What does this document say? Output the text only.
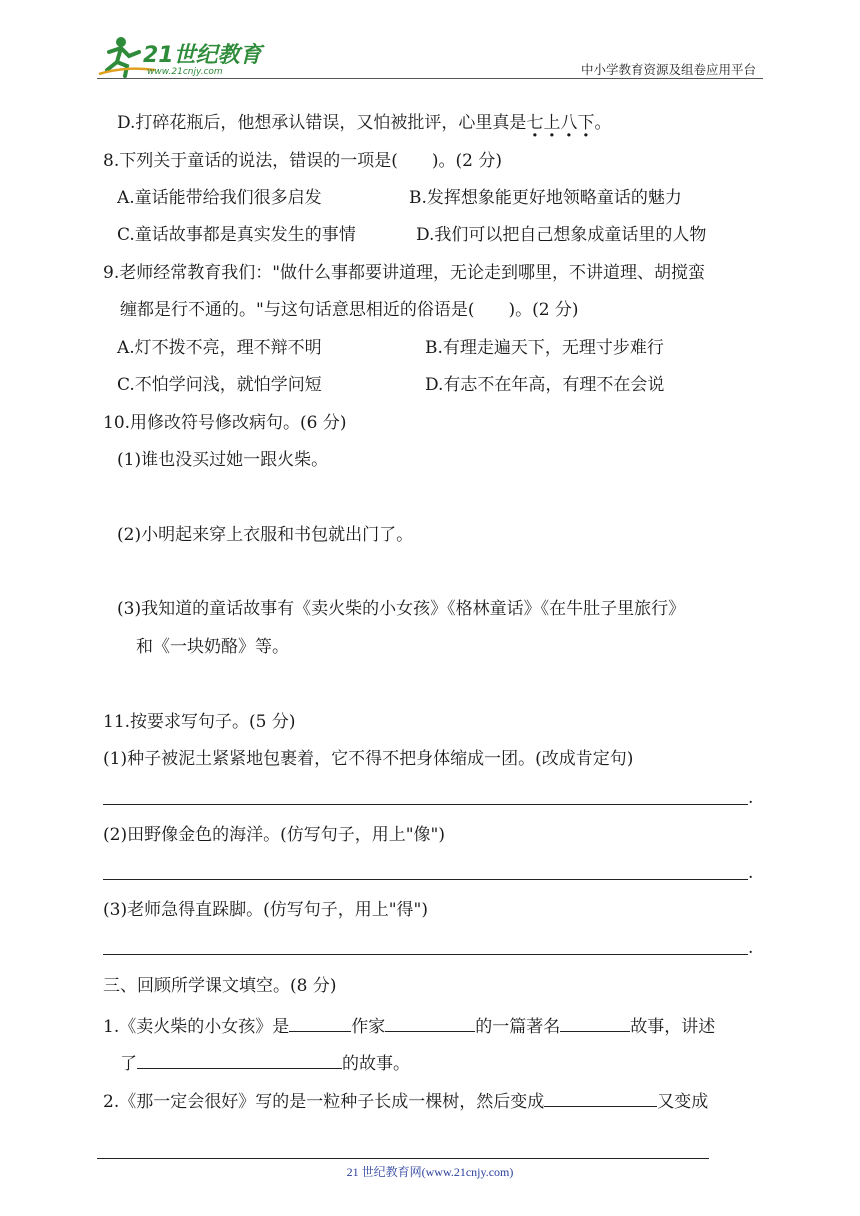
21世纪教育
www.21cnjy.com	中小学教育资源及组卷应用平台
D.打碎花瓶后，他想承认错误，又怕被批评，心里真是七上八下。
8.下列关于童话的说法，错误的一项是(　　)。(2 分)
A.童话能带给我们很多启发	B.发挥想象能更好地领略童话的魅力
C.童话故事都是真实发生的事情	D.我们可以把自己想象成童话里的人物
9.老师经常教育我们："做什么事都要讲道理，无论走到哪里，不讲道理、胡搅蛮
缠都是行不通的。"与这句话意思相近的俗语是(　　)。(2 分)
A.灯不拨不亮，理不辩不明	B.有理走遍天下，无理寸步难行
C.不怕学问浅，就怕学问短	D.有志不在年高，有理不在会说
10.用修改符号修改病句。(6 分)
(1)谁也没买过她一跟火柴。
(2)小明起来穿上衣服和书包就出门了。
(3)我知道的童话故事有《卖火柴的小女孩》《格林童话》《在牛肚子里旅行》
和《一块奶酪》等。
11.按要求写句子。(5 分)
(1)种子被泥土紧紧地包裹着，它不得不把身体缩成一团。(改成肯定句)
.
(2)田野像金色的海洋。(仿写句子，用上"像")
.
(3)老师急得直跺脚。(仿写句子，用上"得")
.
三、回顾所学课文填空。(8 分)
1.《卖火柴的小女孩》是	作家	的一篇著名	故事，讲述
了	的故事。
2.《那一定会很好》写的是一粒种子长成一棵树，然后变成	又变成
21 世纪教育网(www.21cnjy.com)
